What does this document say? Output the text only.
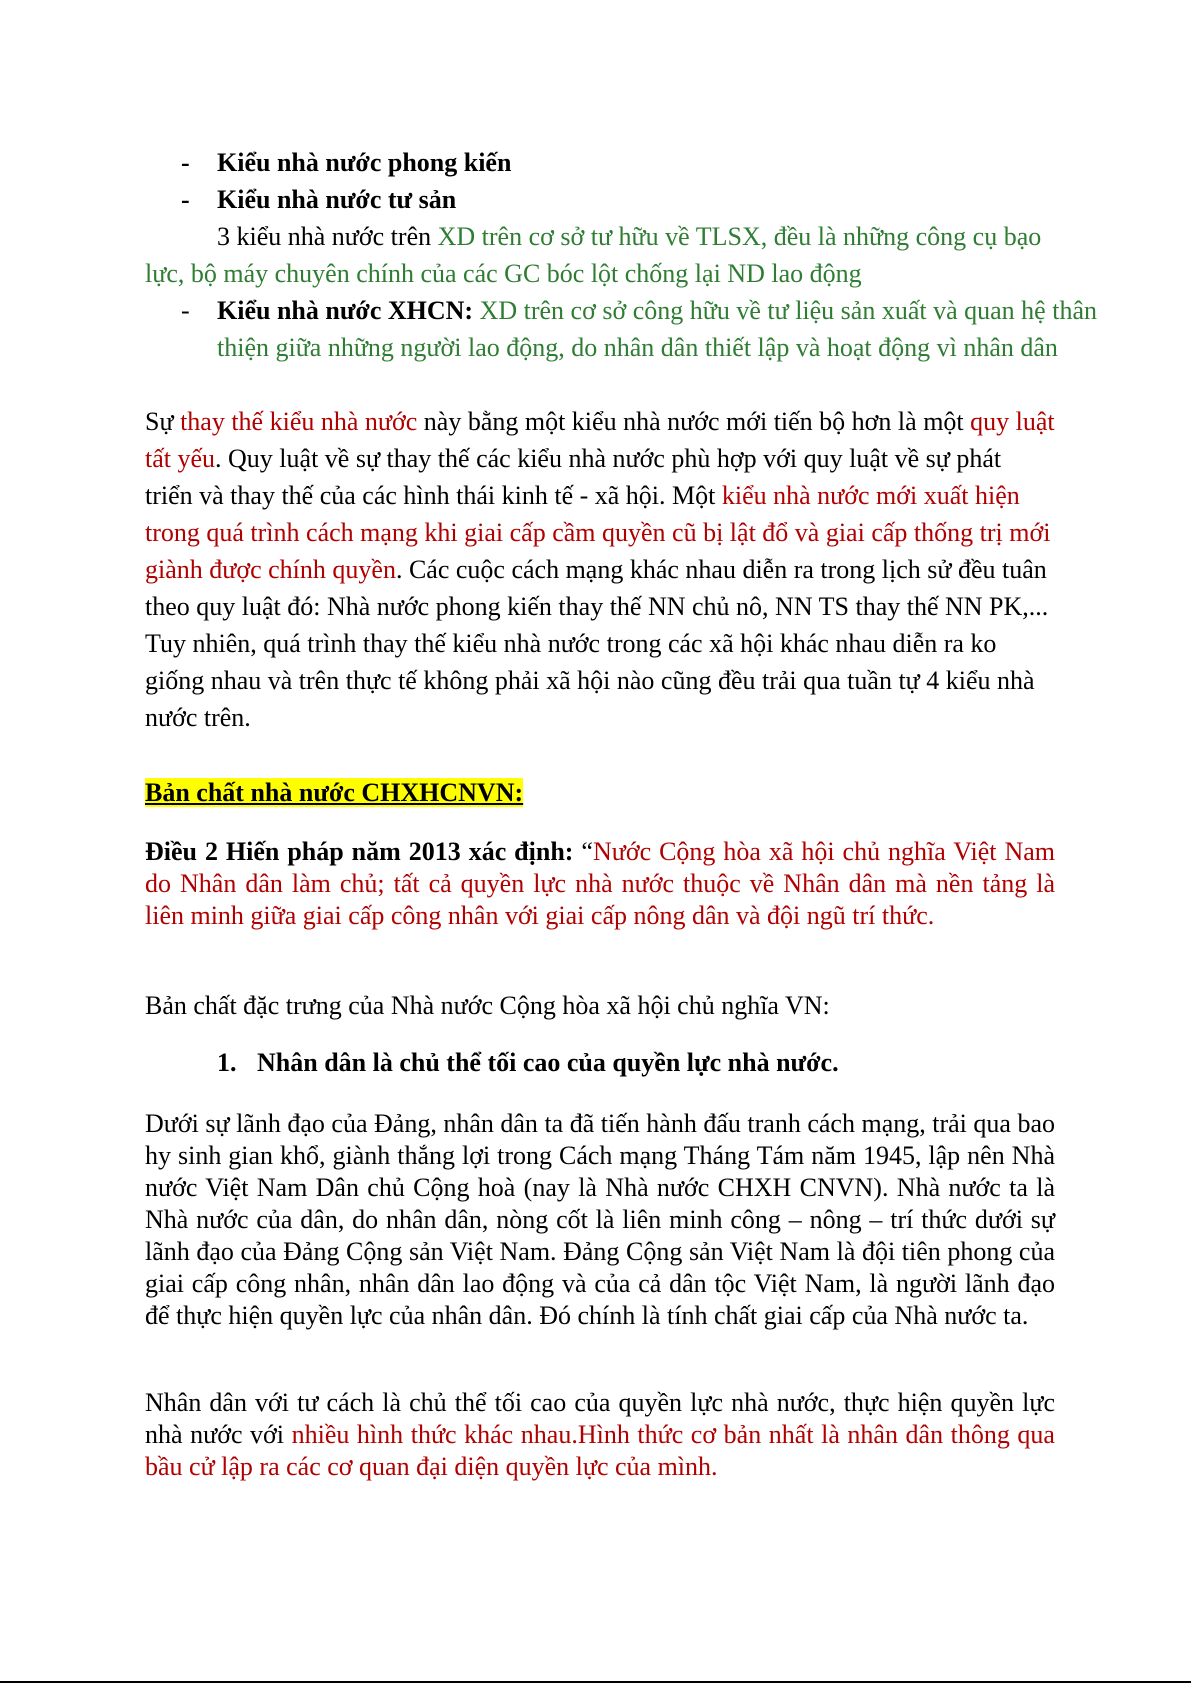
- Kiểu nhà nước phong kiến

- Kiểu nhà nước tư sản

3 kiểu nhà nước trên XD trên cơ sở tư hữu về TLSX, đều là những công cụ bạo lực, bộ máy chuyên chính của các GC bóc lột chống lại ND lao động

- Kiểu nhà nước XHCN: XD trên cơ sở công hữu về tư liệu sản xuất và quan hệ thân thiện giữa những người lao động, do nhân dân thiết lập và hoạt động vì nhân dân

Sự thay thế kiểu nhà nước này bằng một kiểu nhà nước mới tiến bộ hơn là một quy luật tất yếu. Quy luật về sự thay thế các kiểu nhà nước phù hợp với quy luật về sự phát triển và thay thế của các hình thái kinh tế - xã hội. Một kiểu nhà nước mới xuất hiện trong quá trình cách mạng khi giai cấp cầm quyền cũ bị lật đổ và giai cấp thống trị mới giành được chính quyền. Các cuộc cách mạng khác nhau diễn ra trong lịch sử đều tuân theo quy luật đó: Nhà nước phong kiến thay thế NN chủ nô, NN TS thay thế NN PK,... Tuy nhiên, quá trình thay thế kiểu nhà nước trong các xã hội khác nhau diễn ra ko giống nhau và trên thực tế không phải xã hội nào cũng đều trải qua tuần tự 4 kiểu nhà nước trên.

Bản chất nhà nước CHXHCNVN:

Điều 2 Hiến pháp năm 2013 xác định: “Nước Cộng hòa xã hội chủ nghĩa Việt Nam do Nhân dân làm chủ; tất cả quyền lực nhà nước thuộc về Nhân dân mà nền tảng là liên minh giữa giai cấp công nhân với giai cấp nông dân và đội ngũ trí thức.

Bản chất đặc trưng của Nhà nước Cộng hòa xã hội chủ nghĩa VN:

1. Nhân dân là chủ thể tối cao của quyền lực nhà nước.

Dưới sự lãnh đạo của Đảng, nhân dân ta đã tiến hành đấu tranh cách mạng, trải qua bao hy sinh gian khổ, giành thắng lợi trong Cách mạng Tháng Tám năm 1945, lập nên Nhà nước Việt Nam Dân chủ Cộng hoà (nay là Nhà nước CHXH CNVN). Nhà nước ta là Nhà nước của dân, do nhân dân, nòng cốt là liên minh công – nông – trí thức dưới sự lãnh đạo của Đảng Cộng sản Việt Nam. Đảng Cộng sản Việt Nam là đội tiên phong của giai cấp công nhân, nhân dân lao động và của cả dân tộc Việt Nam, là người lãnh đạo để thực hiện quyền lực của nhân dân. Đó chính là tính chất giai cấp của Nhà nước ta.

Nhân dân với tư cách là chủ thể tối cao của quyền lực nhà nước, thực hiện quyền lực nhà nước với nhiều hình thức khác nhau.Hình thức cơ bản nhất là nhân dân thông qua bầu cử lập ra các cơ quan đại diện quyền lực của mình.
